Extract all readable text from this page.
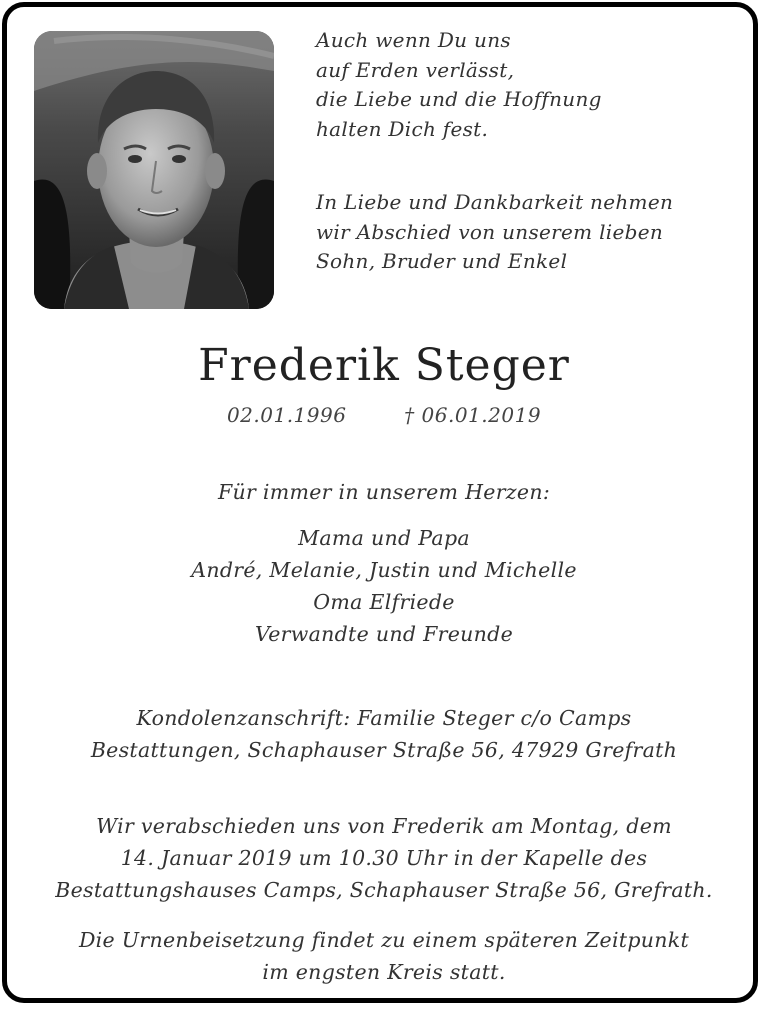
Auch wenn Du uns
auf Erden verlässt,
die Liebe und die Hoffnung
halten Dich fest.
In Liebe und Dankbarkeit nehmen
wir Abschied von unserem lieben
Sohn, Bruder und Enkel
Frederik Steger
02.01.1996	† 06.01.2019
Für immer in unserem Herzen:
Mama und Papa
André, Melanie, Justin und Michelle
Oma Elfriede
Verwandte und Freunde
Kondolenzanschrift: Familie Steger c/o Camps
Bestattungen, Schaphauser Straße 56, 47929 Grefrath
Wir verabschieden uns von Frederik am Montag, dem
14. Januar 2019 um 10.30 Uhr in der Kapelle des
Bestattungshauses Camps, Schaphauser Straße 56, Grefrath.
Die Urnenbeisetzung findet zu einem späteren Zeitpunkt
im engsten Kreis statt.
